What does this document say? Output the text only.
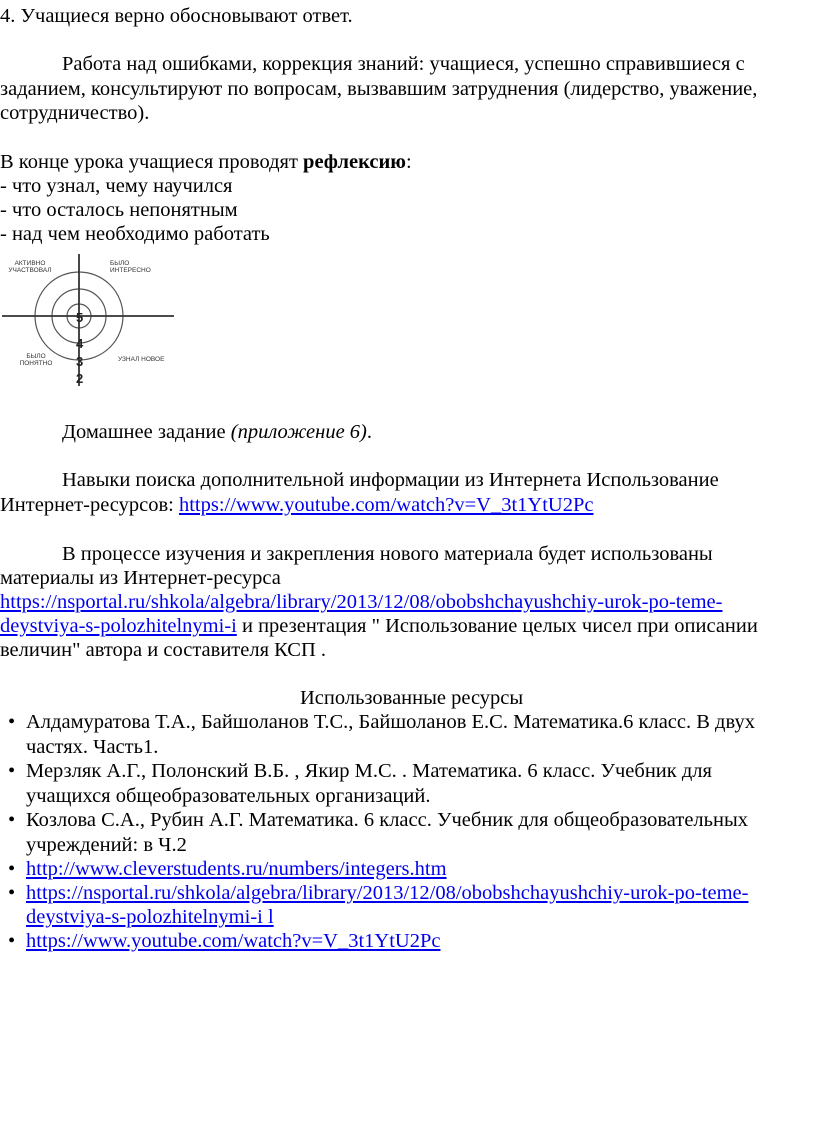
4. Учащиеся верно обосновывают ответ.
Работа над ошибками, коррекция знаний: учащиеся, успешно справившиеся с заданием, консультируют по вопросам, вызвавшим затруднения (лидерство, уважение, сотрудничество).
В конце урока учащиеся проводят рефлексию:
- что узнал, чему научился
- что осталось непонятным
- над чем необходимо работать
АКТИВНО
УЧАСТВОВАЛ
БЫЛО
ИНТЕРЕСНО
БЫЛО
ПОНЯТНО
УЗНАЛ НОВОЕ
5
4
3
2
Домашнее задание (приложение 6).
Навыки поиска дополнительной информации из Интернета Использование Интернет-ресурсов: https://www.youtube.com/watch?v=V_3t1YtU2Pc
В процессе изучения и закрепления нового материала будет использованы
материалы из Интернет-ресурса
https://nsportal.ru/shkola/algebra/library/2013/12/08/obobshchayushchiy-urok-po-teme-
deystviya-s-polozhitelnymi-i и презентация " Использование целых чисел при описании
величин" автора и составителя КСП .
Использованные ресурсы
• Алдамуратова Т.А., Байшоланов Т.С., Байшоланов Е.С. Математика.6 класс. В двух частях. Часть1.
• Мерзляк А.Г., Полонский В.Б. , Якир М.С. . Математика. 6 класс. Учебник для учащихся общеобразовательных организаций.
• Козлова С.А., Рубин А.Г. Математика. 6 класс. Учебник для общеобразовательных учреждений: в Ч.2
• http://www.cleverstudents.ru/numbers/integers.htm
• https://nsportal.ru/shkola/algebra/library/2013/12/08/obobshchayushchiy-urok-po-teme-
deystviya-s-polozhitelnymi-i l
• https://www.youtube.com/watch?v=V_3t1YtU2Pc
